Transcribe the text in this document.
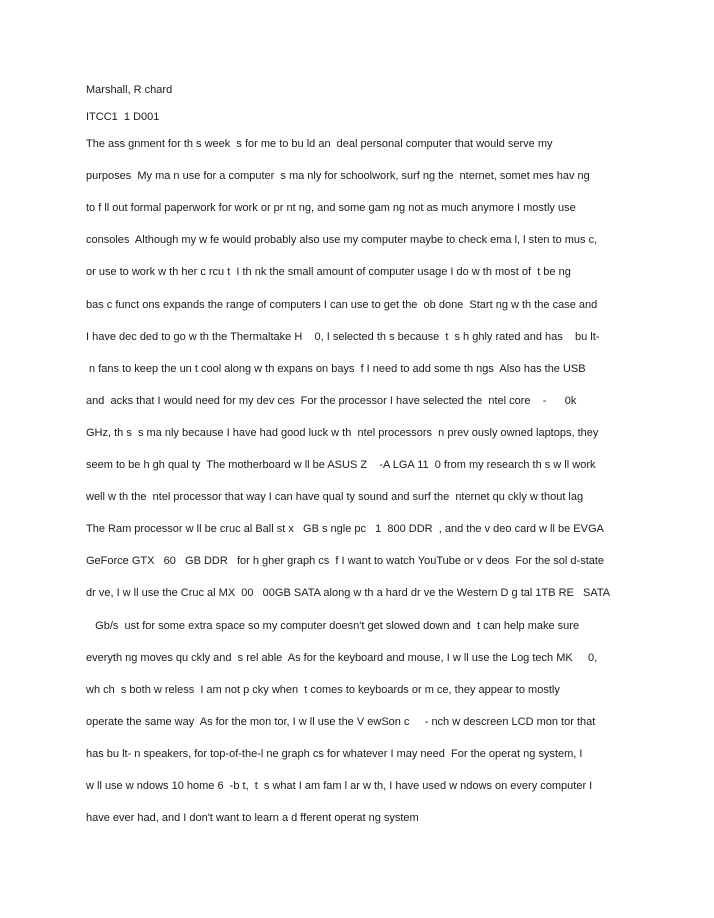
Marshall, R chard
ITCC1  1 D001
The ass gnment for th s week  s for me to bu ld an  deal personal computer that would serve my
purposes  My ma n use for a computer  s ma nly for schoolwork, surf ng the  nternet, somet mes hav ng
to f ll out formal paperwork for work or pr nt ng, and some gam ng not as much anymore I mostly use
consoles  Although my w fe would probably also use my computer maybe to check ema l, l sten to mus c,
or use to work w th her c rcu t  I th nk the small amount of computer usage I do w th most of  t be ng
bas c funct ons expands the range of computers I can use to get the  ob done  Start ng w th the case and
I have dec ded to go w th the Thermaltake H    0, I selected th s because  t  s h ghly rated and has    bu lt-
n fans to keep the un t cool along w th expans on bays  f I need to add some th ngs  Also has the USB
and  acks that I would need for my dev ces  For the processor I have selected the  ntel core    -      0k
GHz, th s  s ma nly because I have had good luck w th  ntel processors  n prev ously owned laptops, they
seem to be h gh qual ty  The motherboard w ll be ASUS Z    -A LGA 11  0 from my research th s w ll work
well w th the  ntel processor that way I can have qual ty sound and surf the  nternet qu ckly w thout lag
The Ram processor w ll be cruc al Ball st x   GB s ngle pc   1  800 DDR  , and the v deo card w ll be EVGA
GeForce GTX   60   GB DDR   for h gher graph cs  f I want to watch YouTube or v deos  For the sol d-state
dr ve, I w ll use the Cruc al MX  00   00GB SATA along w th a hard dr ve the Western D g tal 1TB RE   SATA
Gb/s  ust for some extra space so my computer doesn't get slowed down and  t can help make sure
everyth ng moves qu ckly and  s rel able  As for the keyboard and mouse, I w ll use the Log tech MK     0,
wh ch  s both w reless  I am not p cky when  t comes to keyboards or m ce, they appear to mostly
operate the same way  As for the mon tor, I w ll use the V ewSon c     - nch w descreen LCD mon tor that
has bu lt- n speakers, for top-of-the-l ne graph cs for whatever I may need  For the operat ng system, I
w ll use w ndows 10 home 6  -b t,  t  s what I am fam l ar w th, I have used w ndows on every computer I
have ever had, and I don't want to learn a d fferent operat ng system
